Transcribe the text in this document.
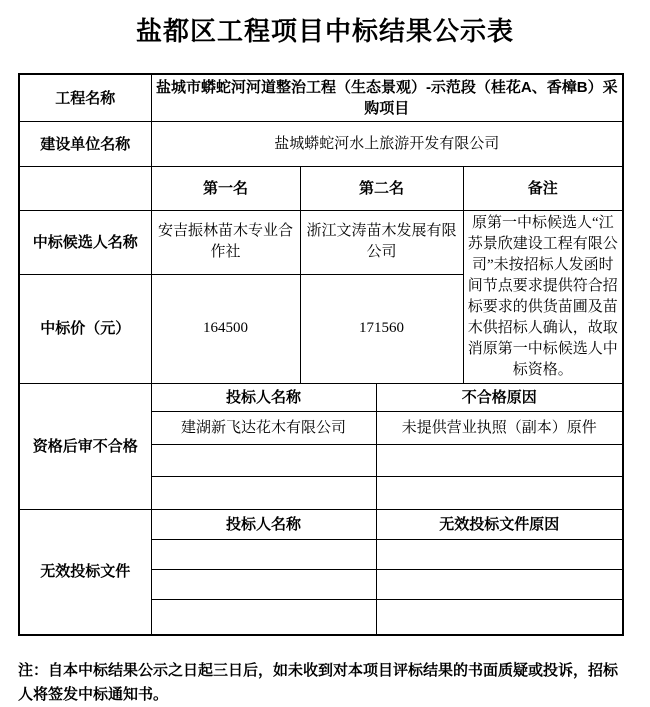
盐都区工程项目中标结果公示表
工程名称	盐城市蟒蛇河河道整治工程（生态景观）-示范段（桂花A、香樟B）采购项目			
建设单位名称	盐城蟒蛇河水上旅游开发有限公司			
	第一名	第二名		备注
中标候选人名称	安吉振林苗木专业合作社	浙江文涛苗木发展有限公司		原第一中标候选人“江苏景欣建设工程有限公司”未按招标人发函时间节点要求提供符合招标要求的供货苗圃及苗木供招标人确认，故取消原第一中标候选人中标资格。
中标价（元）	164500	171560		
资格后审不合格	投标人名称		不合格原因	
	建湖新飞达花木有限公司		未提供营业执照（副本）原件	

无效投标文件	投标人名称		无效投标文件原因	

注：自本中标结果公示之日起三日后，如未收到对本项目评标结果的书面质疑或投诉，招标人将签发中标通知书。
